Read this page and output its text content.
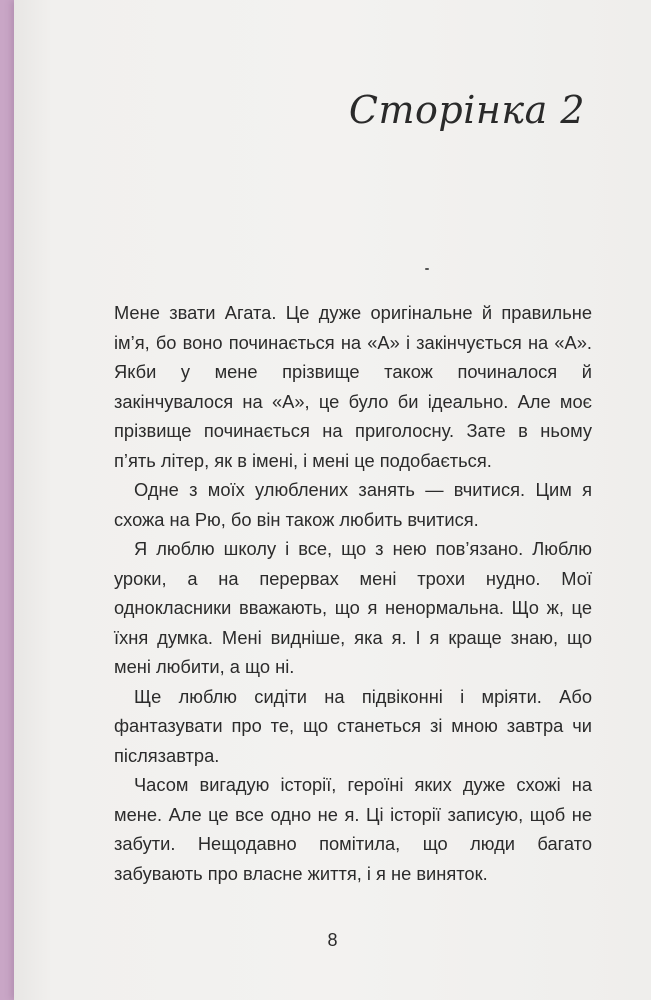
Сторінка 2

Мене звати Агата. Це дуже оригінальне й правильне ім’я, бо воно починається на «А» і закінчується на «А». Якби у мене прізвище також починалося й закінчувалося на «А», це було би ідеально. Але моє прізвище починається на приголосну. Зате в ньому п’ять літер, як в імені, і мені це подобається.

Одне з моїх улюблених занять — вчитися. Цим я схожа на Рю, бо він також любить вчитися.

Я люблю школу і все, що з нею пов’язано. Люблю уроки, а на перервах мені трохи нудно. Мої однокласники вважають, що я ненормальна. Що ж, це їхня думка. Мені видніше, яка я. І я краще знаю, що мені любити, а що ні.

Ще люблю сидіти на підвіконні і мріяти. Або фантазувати про те, що станеться зі мною завтра чи післязавтра.

Часом вигадую історії, героїні яких дуже схожі на мене. Але це все одно не я. Ці історії записую, щоб не забути. Нещодавно помітила, що люди багато забувають про власне життя, і я не виняток.

8
